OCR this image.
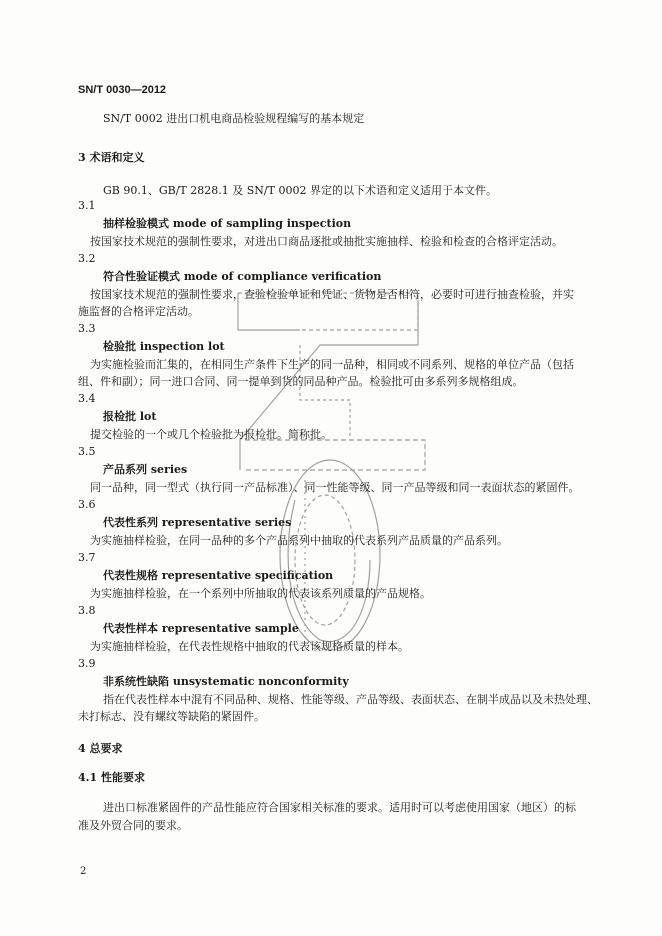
SN/T 0030—2012
SN/T 0002 进出口机电商品检验规程编写的基本规定
3 术语和定义
GB 90.1、GB/T 2828.1 及 SN/T 0002 界定的以下术语和定义适用于本文件。
3.1
抽样检验模式 mode of sampling inspection
按国家技术规范的强制性要求，对进出口商品逐批或抽批实施抽样、检验和检查的合格评定活动。
3.2
符合性验证模式 mode of compliance verification
按国家技术规范的强制性要求，查验检验单证和凭证、货物是否相符，必要时可进行抽查检验，并实
施监督的合格评定活动。
3.3
检验批 inspection lot
为实施检验而汇集的，在相同生产条件下生产的同一品种，相同或不同系列、规格的单位产品（包括
组、件和副）；同一进口合同、同一提单到货的同品种产品。检验批可由多系列多规格组成。
3.4
报检批 lot
提交检验的一个或几个检验批为报检批。简称批。
3.5
产品系列 series
同一品种，同一型式（执行同一产品标准）、同一性能等级、同一产品等级和同一表面状态的紧固件。
3.6
代表性系列 representative series
为实施抽样检验，在同一品种的多个产品系列中抽取的代表系列产品质量的产品系列。
3.7
代表性规格 representative specification
为实施抽样检验，在一个系列中所抽取的代表该系列质量的产品规格。
3.8
代表性样本 representative sample
为实施抽样检验，在代表性规格中抽取的代表该规格质量的样本。
3.9
非系统性缺陷 unsystematic nonconformity
指在代表性样本中混有不同品种、规格、性能等级、产品等级、表面状态、在制半成品以及未热处理、
未打标志、没有螺纹等缺陷的紧固件。
4 总要求
4.1 性能要求
进出口标准紧固件的产品性能应符合国家相关标准的要求。适用时可以考虑使用国家（地区）的标
准及外贸合同的要求。
2
